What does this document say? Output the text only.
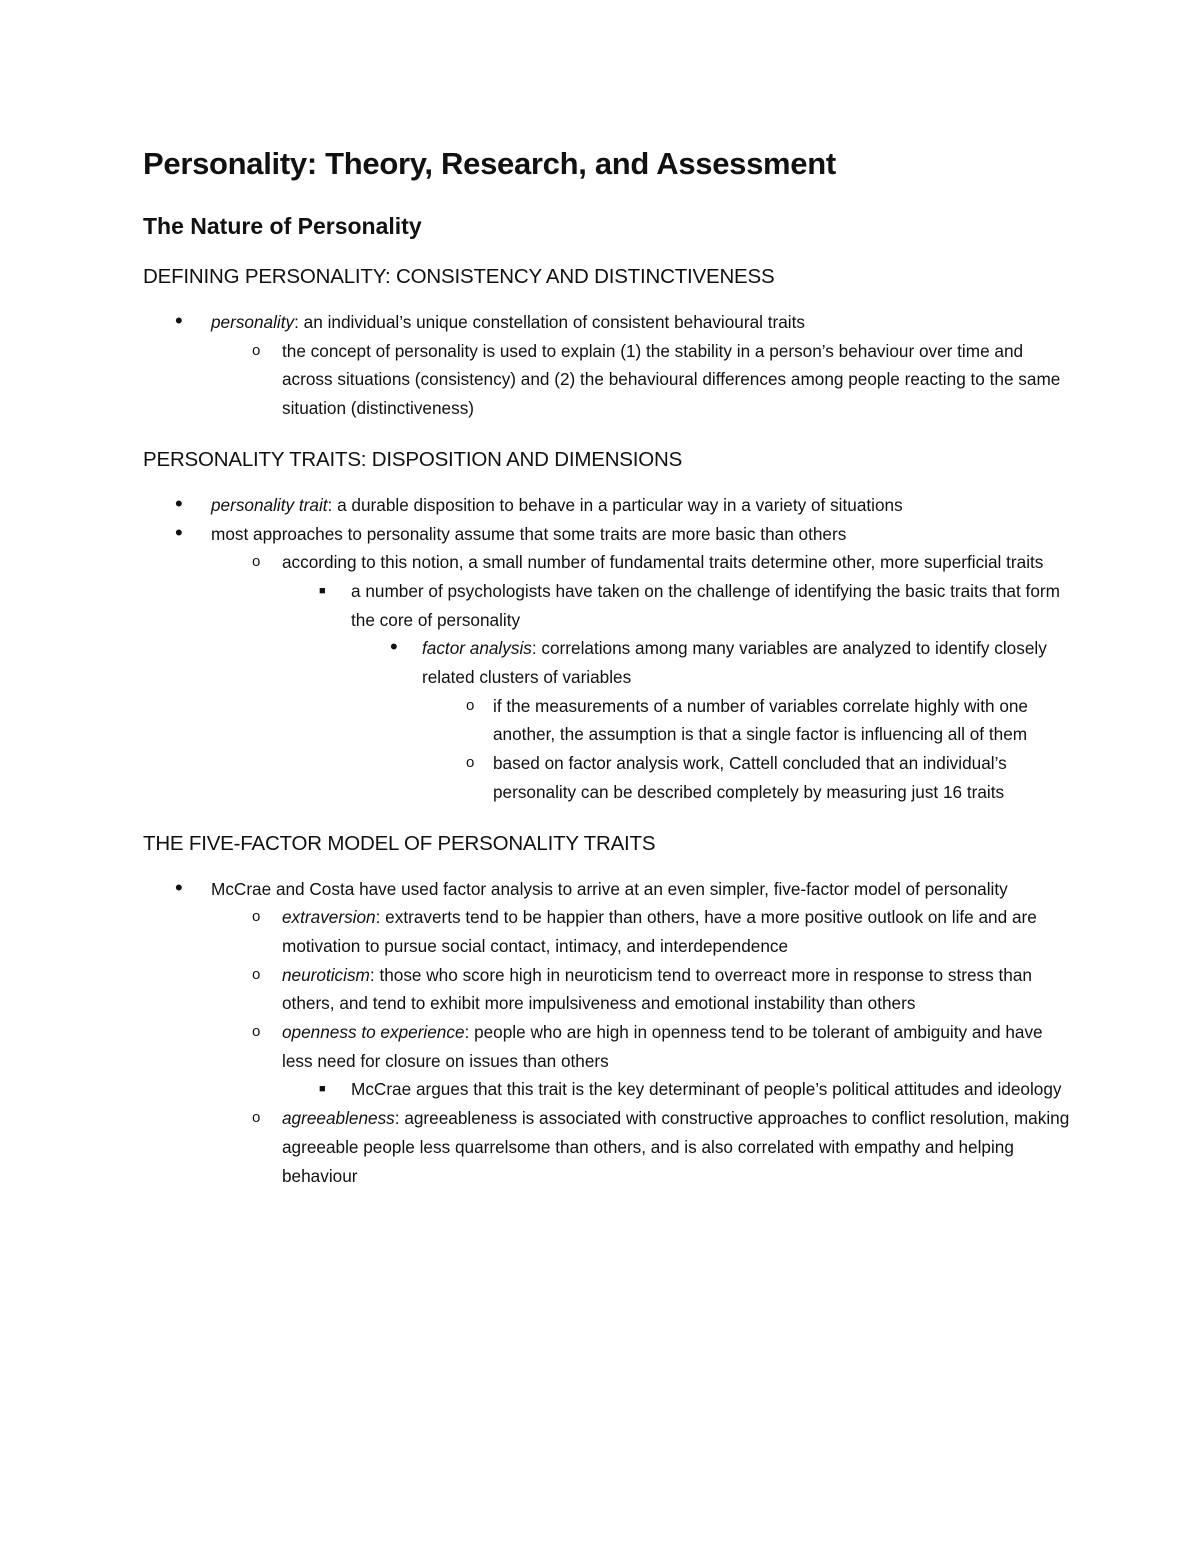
Personality: Theory, Research, and Assessment
The Nature of Personality
DEFINING PERSONALITY: CONSISTENCY AND DISTINCTIVENESS
• personality: an individual’s unique constellation of consistent behavioural traits
o the concept of personality is used to explain (1) the stability in a person’s behaviour over time and across situations (consistency) and (2) the behavioural differences among people reacting to the same situation (distinctiveness)
PERSONALITY TRAITS: DISPOSITION AND DIMENSIONS
• personality trait: a durable disposition to behave in a particular way in a variety of situations
• most approaches to personality assume that some traits are more basic than others
o according to this notion, a small number of fundamental traits determine other, more superficial traits
■ a number of psychologists have taken on the challenge of identifying the basic traits that form the core of personality
• factor analysis: correlations among many variables are analyzed to identify closely related clusters of variables
o if the measurements of a number of variables correlate highly with one another, the assumption is that a single factor is influencing all of them
o based on factor analysis work, Cattell concluded that an individual’s personality can be described completely by measuring just 16 traits
THE FIVE-FACTOR MODEL OF PERSONALITY TRAITS
• McCrae and Costa have used factor analysis to arrive at an even simpler, five-factor model of personality
o extraversion: extraverts tend to be happier than others, have a more positive outlook on life and are motivation to pursue social contact, intimacy, and interdependence
o neuroticism: those who score high in neuroticism tend to overreact more in response to stress than others, and tend to exhibit more impulsiveness and emotional instability than others
o openness to experience: people who are high in openness tend to be tolerant of ambiguity and have less need for closure on issues than others
■ McCrae argues that this trait is the key determinant of people’s political attitudes and ideology
o agreeableness: agreeableness is associated with constructive approaches to conflict resolution, making agreeable people less quarrelsome than others, and is also correlated with empathy and helping behaviour
